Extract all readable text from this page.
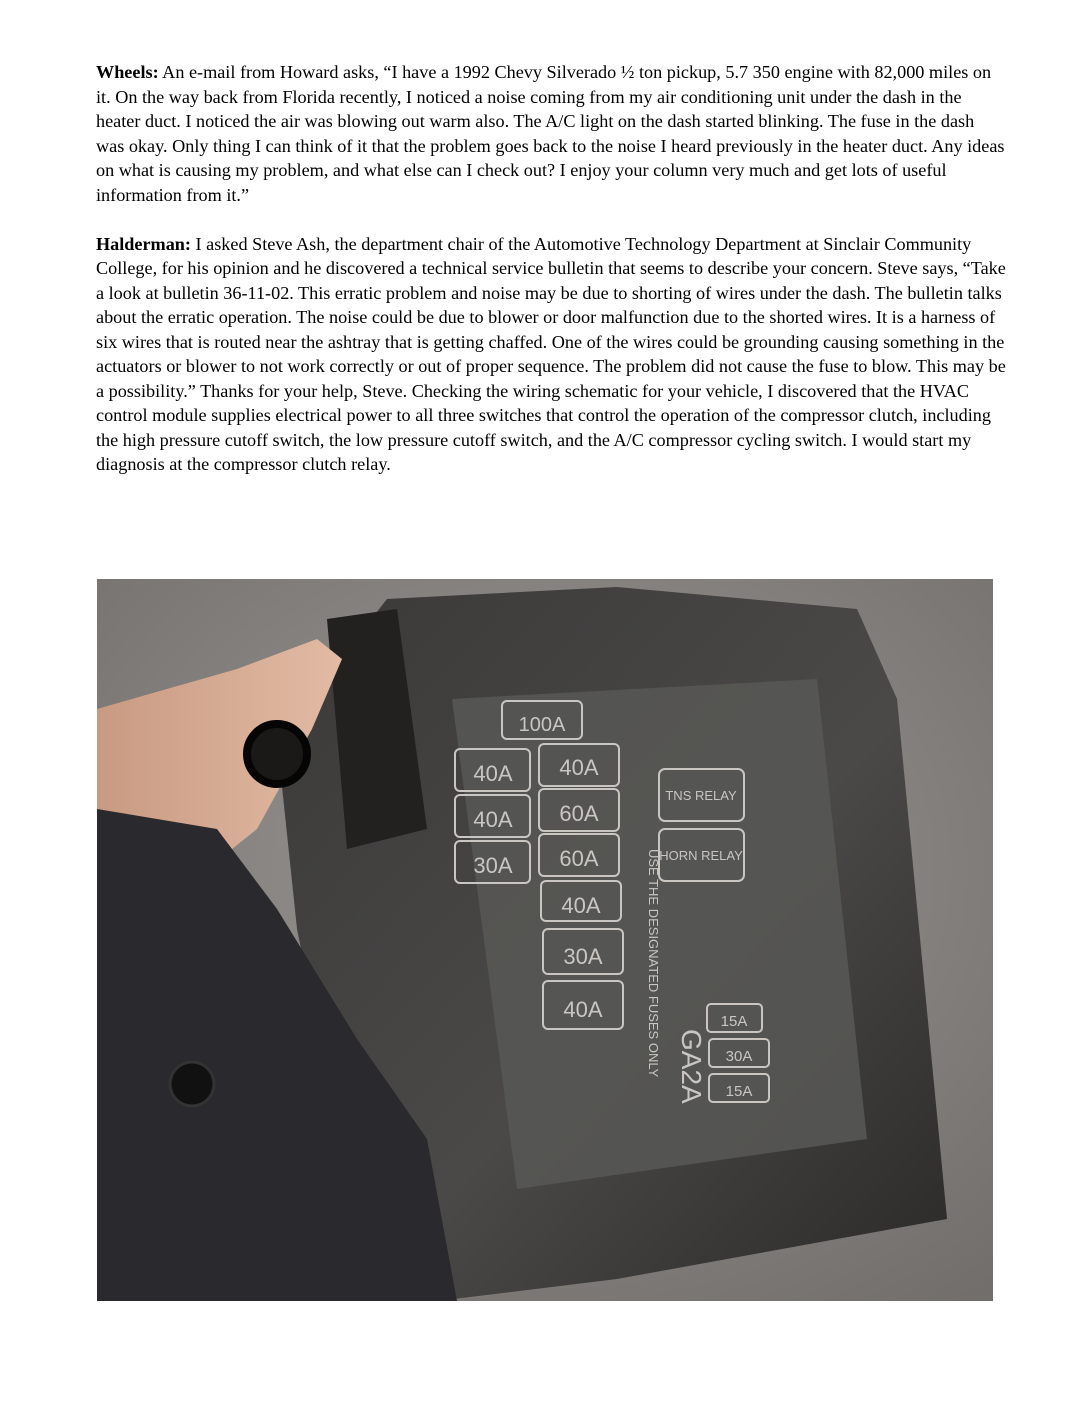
Wheels: An e-mail from Howard asks, “I have a 1992 Chevy Silverado ½ ton pickup, 5.7 350 engine with 82,000 miles on it. On the way back from Florida recently, I noticed a noise coming from my air conditioning unit under the dash in the heater duct. I noticed the air was blowing out warm also. The A/C light on the dash started blinking. The fuse in the dash was okay. Only thing I can think of it that the problem goes back to the noise I heard previously in the heater duct. Any ideas on what is causing my problem, and what else can I check out? I enjoy your column very much and get lots of useful information from it.”

Halderman: I asked Steve Ash, the department chair of the Automotive Technology Department at Sinclair Community College, for his opinion and he discovered a technical service bulletin that seems to describe your concern. Steve says, “Take a look at bulletin 36-11-02. This erratic problem and noise may be due to shorting of wires under the dash. The bulletin talks about the erratic operation. The noise could be due to blower or door malfunction due to the shorted wires. It is a harness of six wires that is routed near the ashtray that is getting chaffed. One of the wires could be grounding causing something in the actuators or blower to not work correctly or out of proper sequence. The problem did not cause the fuse to blow. This may be a possibility.” Thanks for your help, Steve. Checking the wiring schematic for your vehicle, I discovered that the HVAC control module supplies electrical power to all three switches that control the operation of the compressor clutch, including the high pressure cutoff switch, the low pressure cutoff switch, and the A/C compressor cycling switch. I would start my diagnosis at the compressor clutch relay.

100A
40A 40A
40A 60A
30A 60A
40A
30A
40A	15A
30A
15A
TNS RELAY
HORN RELAY
USE THE DESIGNATED FUSES ONLY GA2A
